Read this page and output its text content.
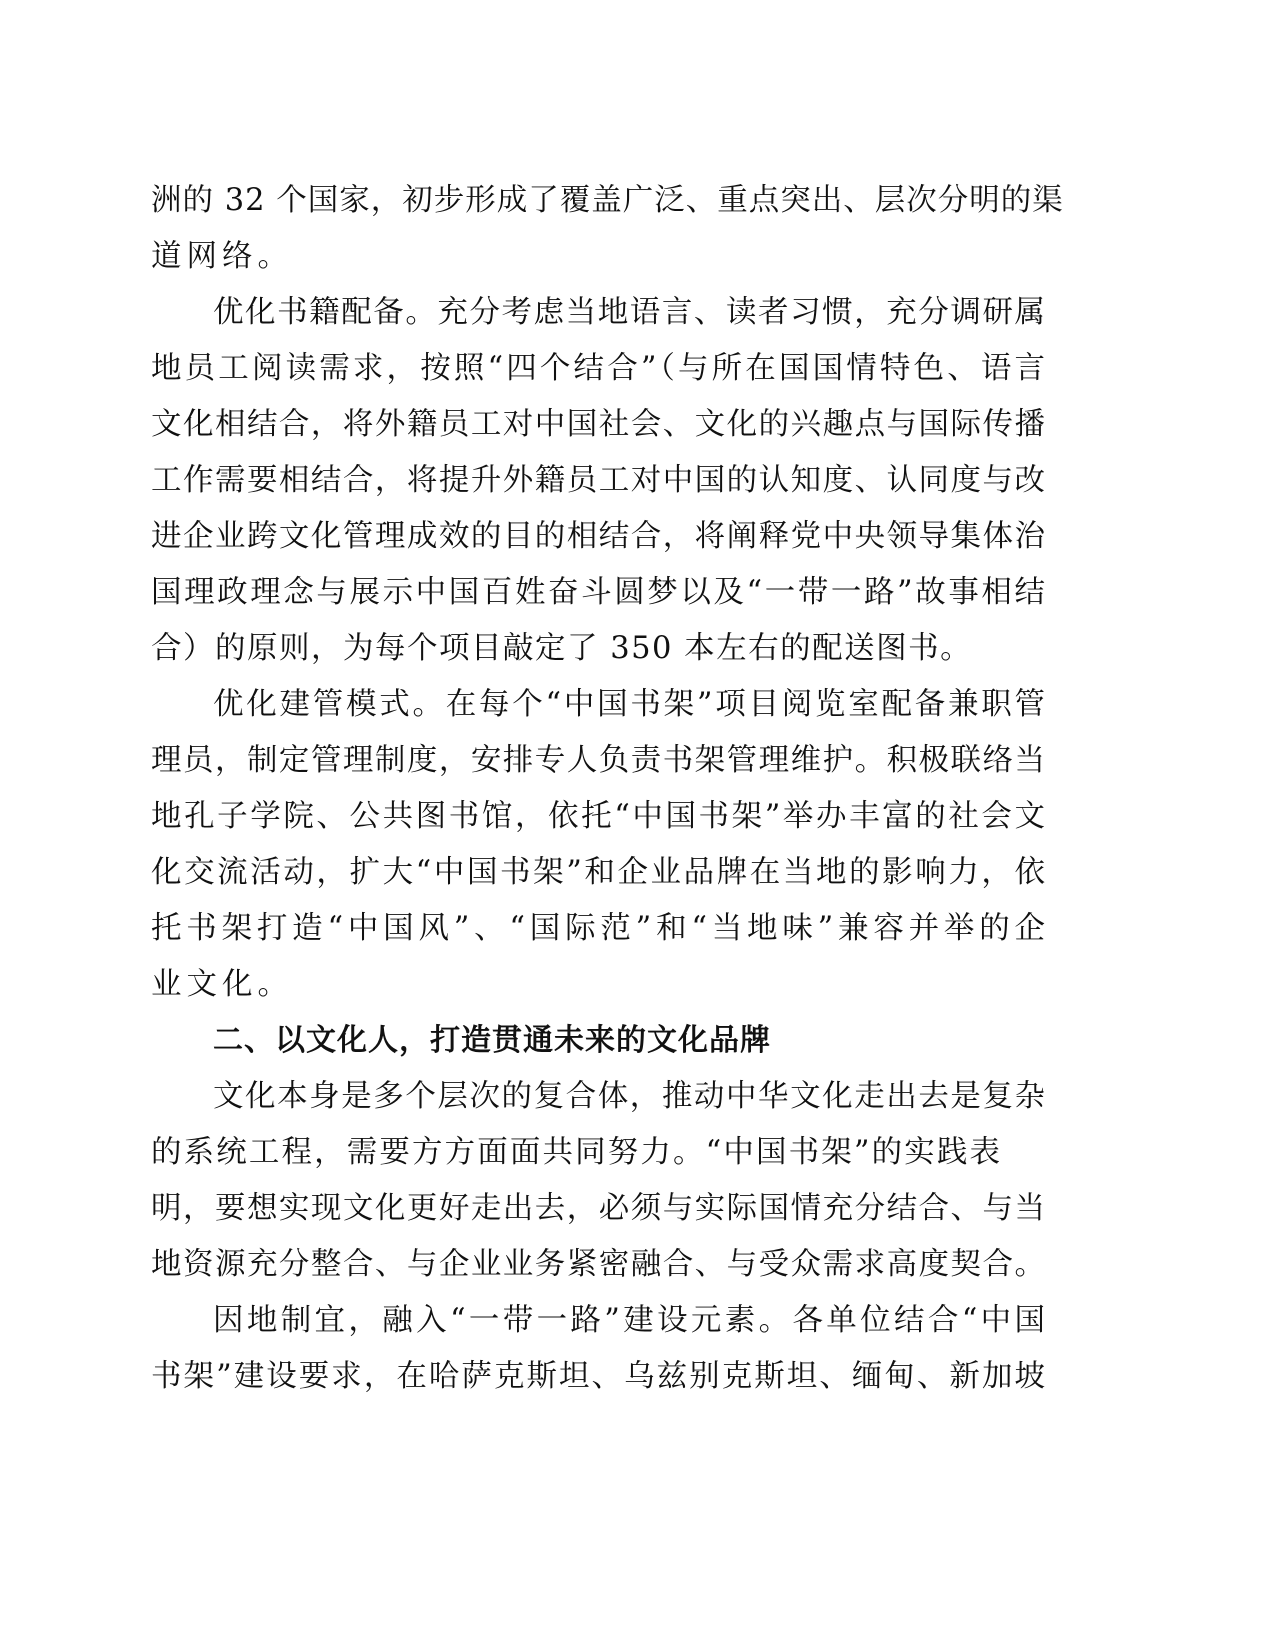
洲的 32 个国家，初步形成了覆盖广泛、重点突出、层次分明的渠
道网络。
优化书籍配备。充分考虑当地语言、读者习惯，充分调研属
地员工阅读需求，按照“四个结合”（与所在国国情特色、语言
文化相结合，将外籍员工对中国社会、文化的兴趣点与国际传播
工作需要相结合，将提升外籍员工对中国的认知度、认同度与改
进企业跨文化管理成效的目的相结合，将阐释党中央领导集体治
国理政理念与展示中国百姓奋斗圆梦以及“一带一路”故事相结
合）的原则，为每个项目敲定了 350 本左右的配送图书。
优化建管模式。在每个“中国书架”项目阅览室配备兼职管
理员，制定管理制度，安排专人负责书架管理维护。积极联络当
地孔子学院、公共图书馆，依托“中国书架”举办丰富的社会文
化交流活动，扩大“中国书架”和企业品牌在当地的影响力，依
托书架打造“中国风”、“国际范”和“当地味”兼容并举的企
业文化。
二、以文化人，打造贯通未来的文化品牌
文化本身是多个层次的复合体，推动中华文化走出去是复杂
的系统工程，需要方方面面共同努力。“中国书架”的实践表
明，要想实现文化更好走出去，必须与实际国情充分结合、与当
地资源充分整合、与企业业务紧密融合、与受众需求高度契合。
因地制宜，融入“一带一路”建设元素。各单位结合“中国
书架”建设要求，在哈萨克斯坦、乌兹别克斯坦、缅甸、新加坡
